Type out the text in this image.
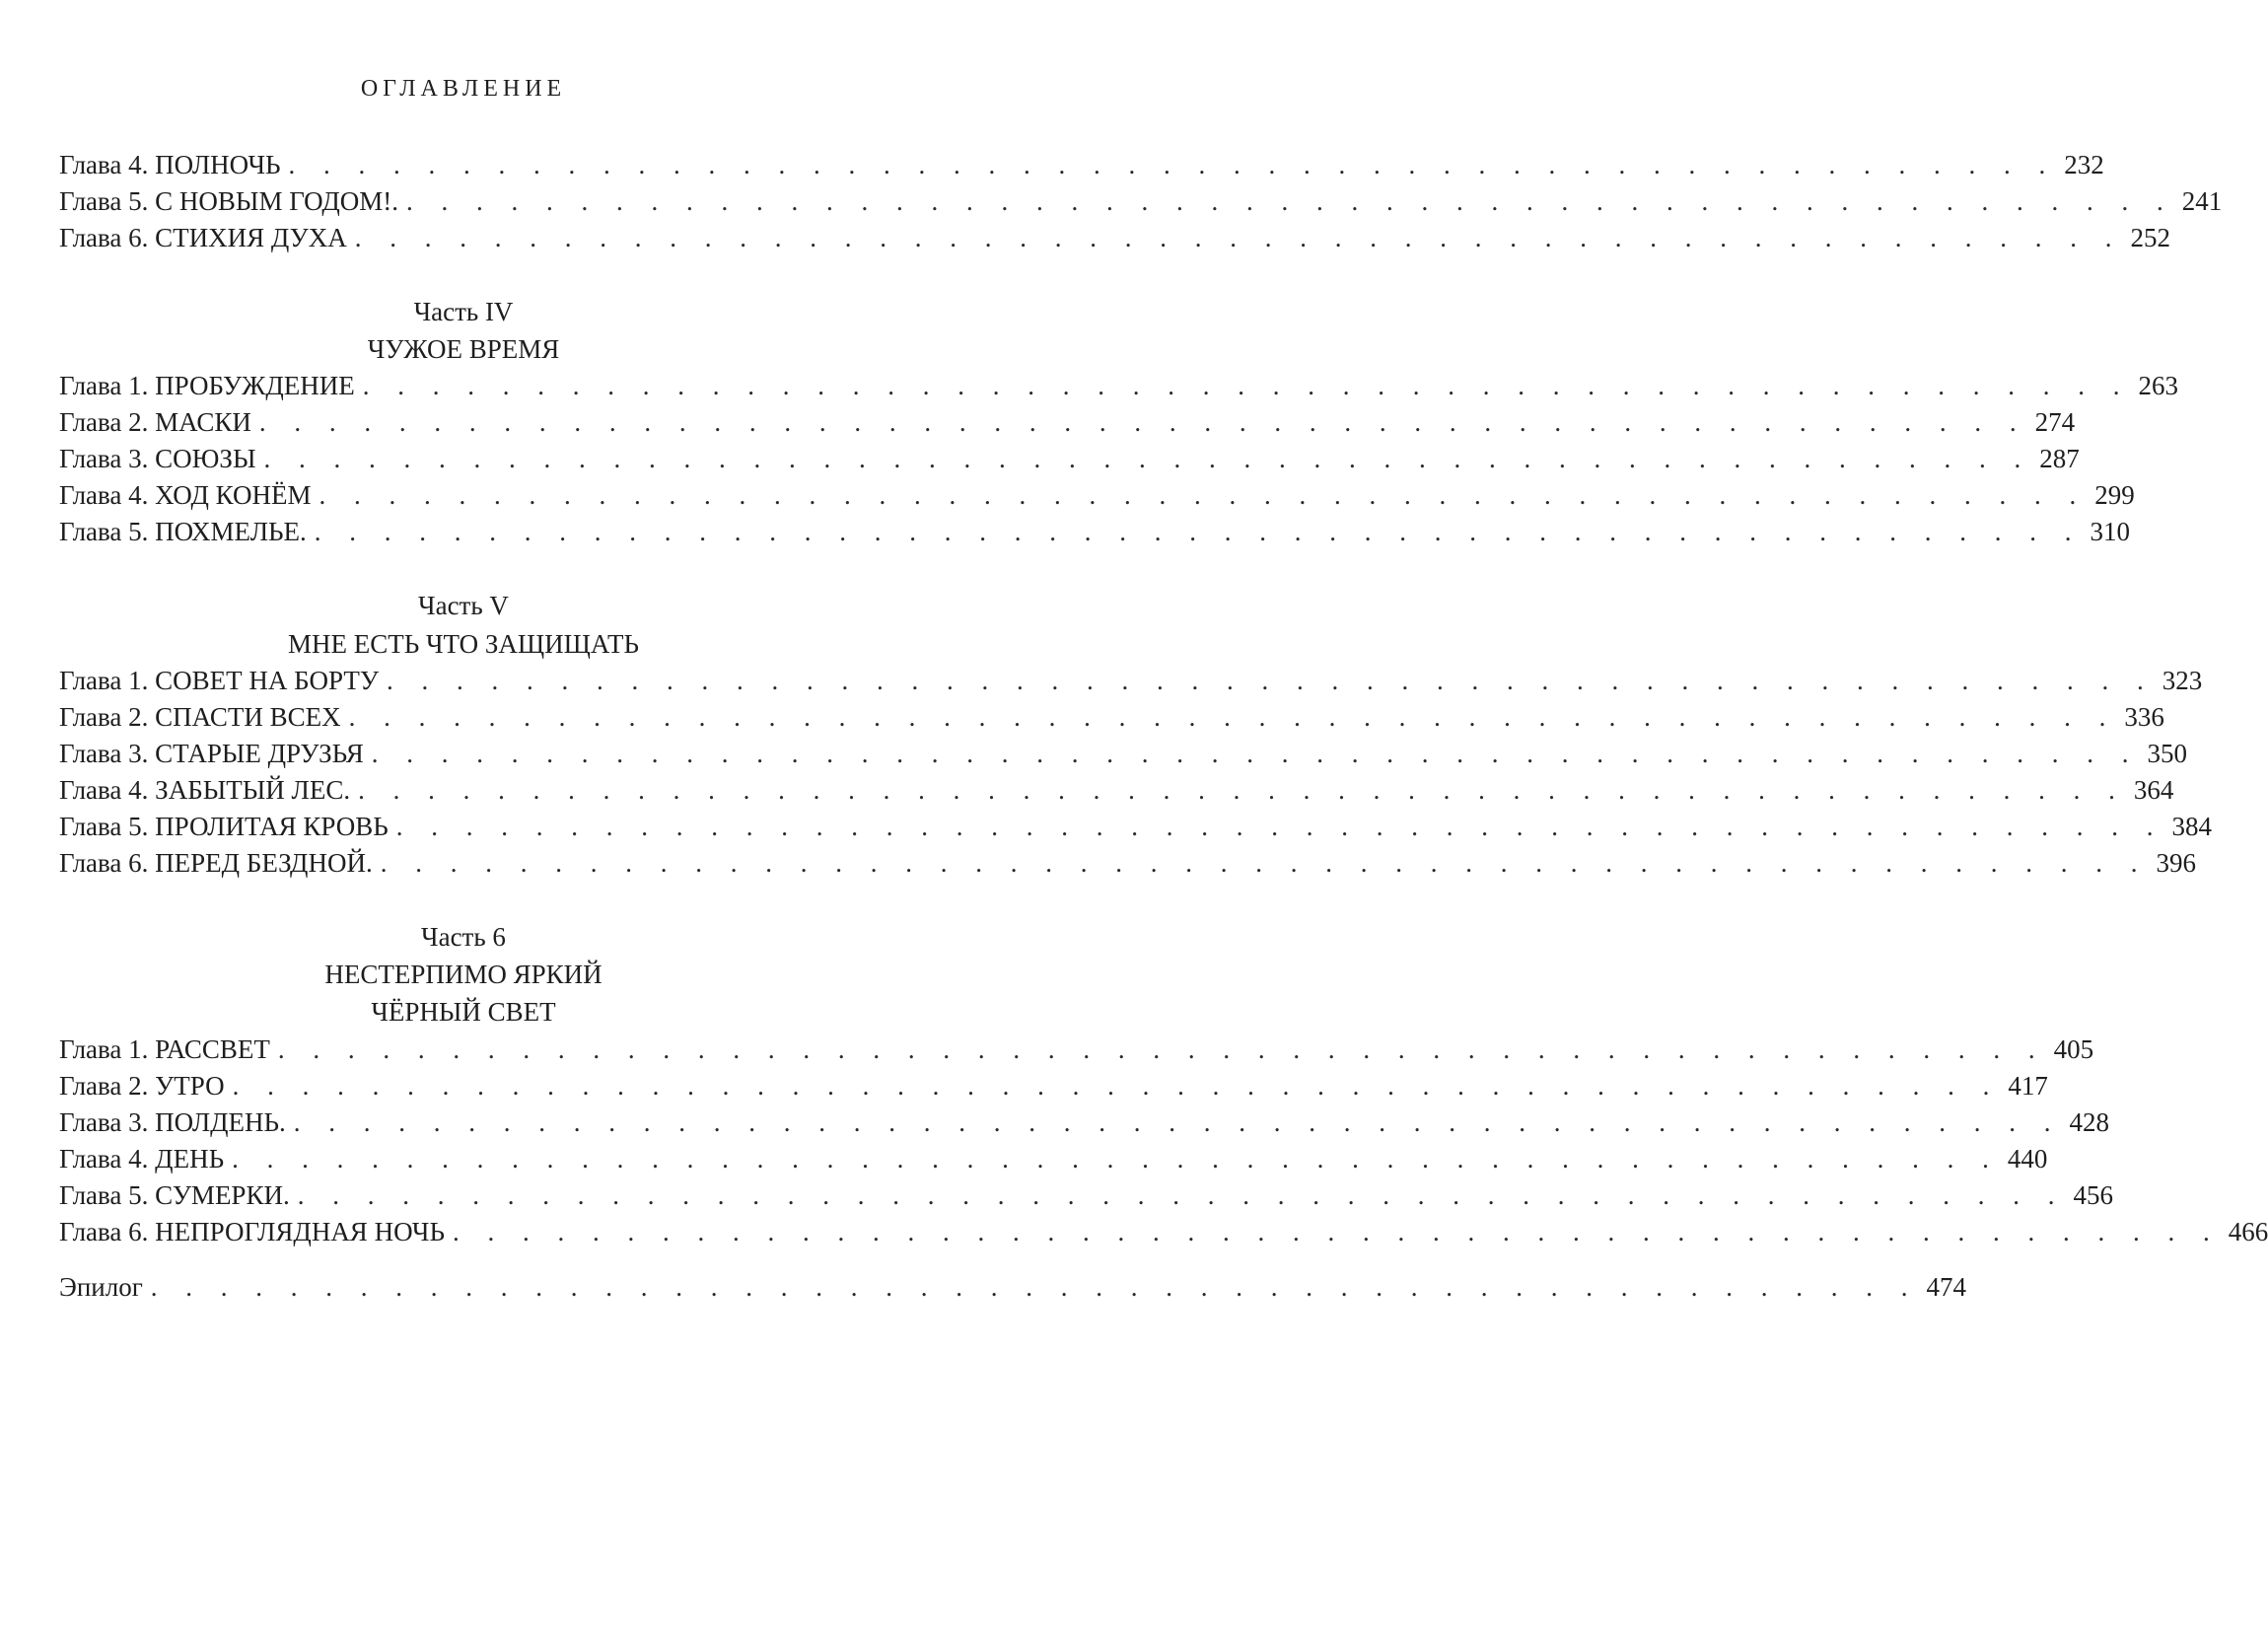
ОГЛАВЛЕНИЕ
Глава 4. ПОЛНОЧЬ . . . . . . . . . . . . . . . . . . . . . . . . . . . . . . . . . . . . . . . . . . . . . . . . . . . 232
Глава 5. С НОВЫМ ГОДОМ!. . . . . . . . . . . . . . . . . . . . . . . . . . . . . . . . . . . . . . . . . . . . . . . . . . . . 241
Глава 6. СТИХИЯ ДУХА . . . . . . . . . . . . . . . . . . . . . . . . . . . . . . . . . . . . . . . . . . . . . . . . . . . 252
Часть IV
ЧУЖОЕ ВРЕМЯ
Глава 1. ПРОБУЖДЕНИЕ . . . . . . . . . . . . . . . . . . . . . . . . . . . . . . . . . . . . . . . . . . . . . . . . . . . 263
Глава 2. МАСКИ . . . . . . . . . . . . . . . . . . . . . . . . . . . . . . . . . . . . . . . . . . . . . . . . . . . 274
Глава 3. СОЮЗЫ . . . . . . . . . . . . . . . . . . . . . . . . . . . . . . . . . . . . . . . . . . . . . . . . . . . 287
Глава 4. ХОД КОНЁМ . . . . . . . . . . . . . . . . . . . . . . . . . . . . . . . . . . . . . . . . . . . . . . . . . . . 299
Глава 5. ПОХМЕЛЬЕ. . . . . . . . . . . . . . . . . . . . . . . . . . . . . . . . . . . . . . . . . . . . . . . . . . . . 310
Часть V
МНЕ ЕСТЬ ЧТО ЗАЩИЩАТЬ
Глава 1. СОВЕТ НА БОРТУ . . . . . . . . . . . . . . . . . . . . . . . . . . . . . . . . . . . . . . . . . . . . . . . . . . . 323
Глава 2. СПАСТИ ВСЕХ . . . . . . . . . . . . . . . . . . . . . . . . . . . . . . . . . . . . . . . . . . . . . . . . . . . 336
Глава 3. СТАРЫЕ ДРУЗЬЯ . . . . . . . . . . . . . . . . . . . . . . . . . . . . . . . . . . . . . . . . . . . . . . . . . . . 350
Глава 4. ЗАБЫТЫЙ ЛЕС. . . . . . . . . . . . . . . . . . . . . . . . . . . . . . . . . . . . . . . . . . . . . . . . . . . . 364
Глава 5. ПРОЛИТАЯ КРОВЬ . . . . . . . . . . . . . . . . . . . . . . . . . . . . . . . . . . . . . . . . . . . . . . . . . . . 384
Глава 6. ПЕРЕД БЕЗДНОЙ. . . . . . . . . . . . . . . . . . . . . . . . . . . . . . . . . . . . . . . . . . . . . . . . . . . . 396
Часть 6
НЕСТЕРПИМО ЯРКИЙ
ЧЁРНЫЙ СВЕТ
Глава 1. РАССВЕТ . . . . . . . . . . . . . . . . . . . . . . . . . . . . . . . . . . . . . . . . . . . . . . . . . . . 405
Глава 2. УТРО . . . . . . . . . . . . . . . . . . . . . . . . . . . . . . . . . . . . . . . . . . . . . . . . . . . 417
Глава 3. ПОЛДЕНЬ. . . . . . . . . . . . . . . . . . . . . . . . . . . . . . . . . . . . . . . . . . . . . . . . . . . . 428
Глава 4. ДЕНЬ . . . . . . . . . . . . . . . . . . . . . . . . . . . . . . . . . . . . . . . . . . . . . . . . . . . 440
Глава 5. СУМЕРКИ. . . . . . . . . . . . . . . . . . . . . . . . . . . . . . . . . . . . . . . . . . . . . . . . . . . . 456
Глава 6. НЕПРОГЛЯДНАЯ НОЧЬ . . . . . . . . . . . . . . . . . . . . . . . . . . . . . . . . . . . . . . . . . . . . . . . . . . . 466
Эпилог . . . . . . . . . . . . . . . . . . . . . . . . . . . . . . . . . . . . . . . . . . . . . . . . . . . 474
